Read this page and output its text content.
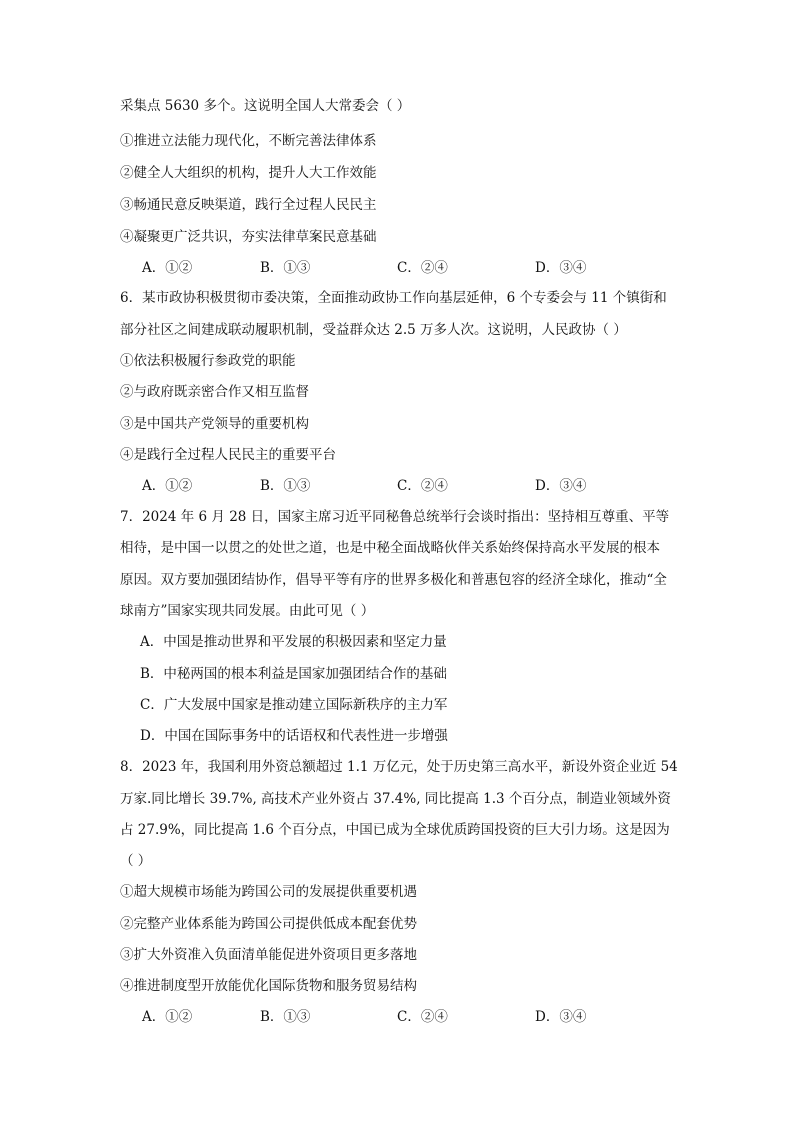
采集点 5630 多个。这说明全国人大常委会（ ）
①推进立法能力现代化，不断完善法律体系
②健全人大组织的机构，提升人大工作效能
③畅通民意反映渠道，践行全过程人民民主
④凝聚更广泛共识，夯实法律草案民意基础
A．①②	B．①③	C．②④	D．③④
6．某市政协积极贯彻市委决策，全面推动政协工作向基层延伸，6 个专委会与 11 个镇街和
部分社区之间建成联动履职机制，受益群众达 2.5 万多人次。这说明，人民政协（ ）
①依法积极履行参政党的职能
②与政府既亲密合作又相互监督
③是中国共产党领导的重要机构
④是践行全过程人民民主的重要平台
A．①②	B．①③	C．②④	D．③④
7．2024 年 6 月 28 日，国家主席习近平同秘鲁总统举行会谈时指出：坚持相互尊重、平等
相待，是中国一以贯之的处世之道，也是中秘全面战略伙伴关系始终保持高水平发展的根本
原因。双方要加强团结协作，倡导平等有序的世界多极化和普惠包容的经济全球化，推动“全
球南方”国家实现共同发展。由此可见（ ）
A．中国是推动世界和平发展的积极因素和坚定力量
B．中秘两国的根本利益是国家加强团结合作的基础
C．广大发展中国家是推动建立国际新秩序的主力军
D．中国在国际事务中的话语权和代表性进一步增强
8．2023 年，我国利用外资总额超过 1.1 万亿元，处于历史第三高水平，新设外资企业近 54
万家.同比增长 39.7%, 高技术产业外资占 37.4%, 同比提高 1.3 个百分点，制造业领域外资
占 27.9%，同比提高 1.6 个百分点，中国已成为全球优质跨国投资的巨大引力场。这是因为
（ ）
①超大规模市场能为跨国公司的发展提供重要机遇
②完整产业体系能为跨国公司提供低成本配套优势
③扩大外资准入负面清单能促进外资项目更多落地
④推进制度型开放能优化国际货物和服务贸易结构
A．①②	B．①③	C．②④	D．③④
